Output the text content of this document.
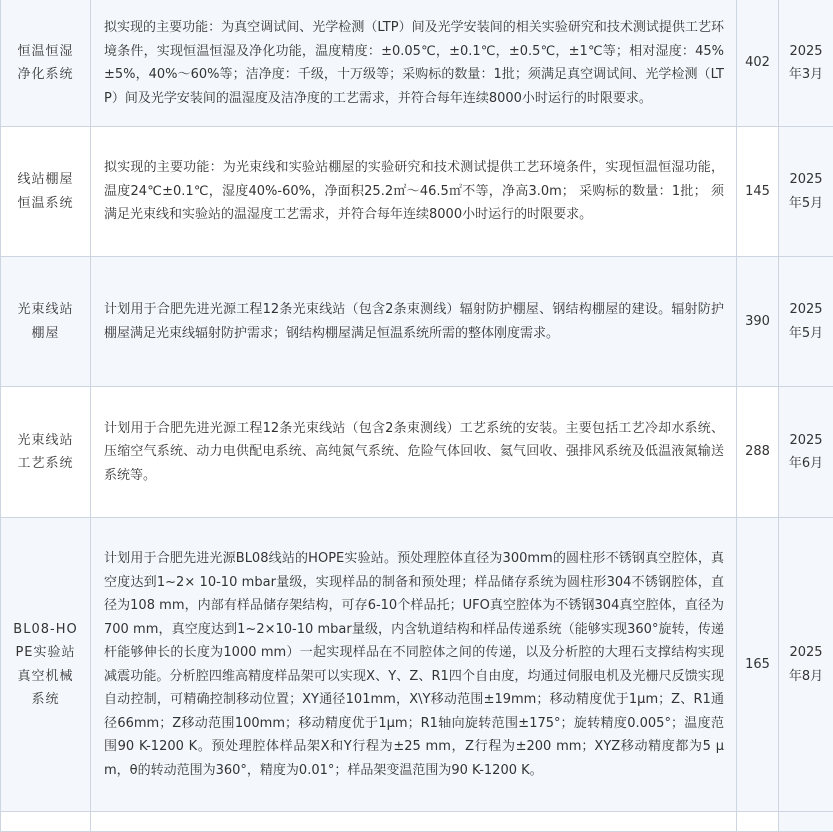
恒温恒湿净化系统	拟实现的主要功能：为真空调试间、光学检测（LTP）间及光学安装间的相关实验研究和技术测试提供工艺环境条件，实现恒温恒湿及净化功能，温度精度：±0.05℃，±0.1℃，±0.5℃，±1℃等；相对湿度：45%±5%，40%～60%等；洁净度：千级，十万级等；采购标的数量：1批；须满足真空调试间、光学检测（LTP）间及光学安装间的温湿度及洁净度的工艺需求，并符合每年连续8000小时运行的时限要求。	402	2025年3月

线站棚屋恒温系统	拟实现的主要功能：为光束线和实验站棚屋的实验研究和技术测试提供工艺环境条件，实现恒温恒湿功能，温度24℃±0.1℃，湿度40%-60%，净面积25.2㎡～46.5㎡不等，净高3.0m； 采购标的数量：1批； 须满足光束线和实验站的温湿度工艺需求，并符合每年连续8000小时运行的时限要求。	145	2025年5月

光束线站棚屋	计划用于合肥先进光源工程12条光束线站（包含2条束测线）辐射防护棚屋、钢结构棚屋的建设。辐射防护棚屋满足光束线辐射防护需求；钢结构棚屋满足恒温系统所需的整体刚度需求。	390	2025年5月

光束线站工艺系统	计划用于合肥先进光源工程12条光束线站（包含2条束测线）工艺系统的安装。主要包括工艺冷却水系统、压缩空气系统、动力电供配电系统、高纯氮气系统、危险气体回收、氦气回收、强排风系统及低温液氮输送系统等。	288	2025年6月

BL08-HOPE实验站真空机械系统	计划用于合肥先进光源BL08线站的HOPE实验站。预处理腔体直径为300mm的圆柱形不锈钢真空腔体，真空度达到1~2× 10-10 mbar量级，实现样品的制备和预处理；样品储存系统为圆柱形304不锈钢腔体，直径为108 mm，内部有样品储存架结构，可存6-10个样品托；UFO真空腔体为不锈钢304真空腔体，直径为700 mm，真空度达到1~2×10-10 mbar量级，内含轨道结构和样品传递系统（能够实现360°旋转，传递杆能够伸长的长度为1000 mm）一起实现样品在不同腔体之间的传递，以及分析腔的大理石支撑结构实现减震功能。分析腔四维高精度样品架可以实现X、Y、Z、R1四个自由度，均通过伺服电机及光栅尺反馈实现自动控制，可精确控制移动位置；XY通径101mm，X\Y移动范围±19mm；移动精度优于1μm；Z、R1通径66mm；Z移动范围100mm；移动精度优于1μm；R1轴向旋转范围±175°；旋转精度0.005°；温度范围90 K-1200 K。预处理腔体样品架X和Y行程为±25 mm，Z行程为±200 mm；XYZ移动精度都为5 μm，θ的转动范围为360°，精度为0.01°；样品架变温范围为90 K-1200 K。	165	2025年8月
